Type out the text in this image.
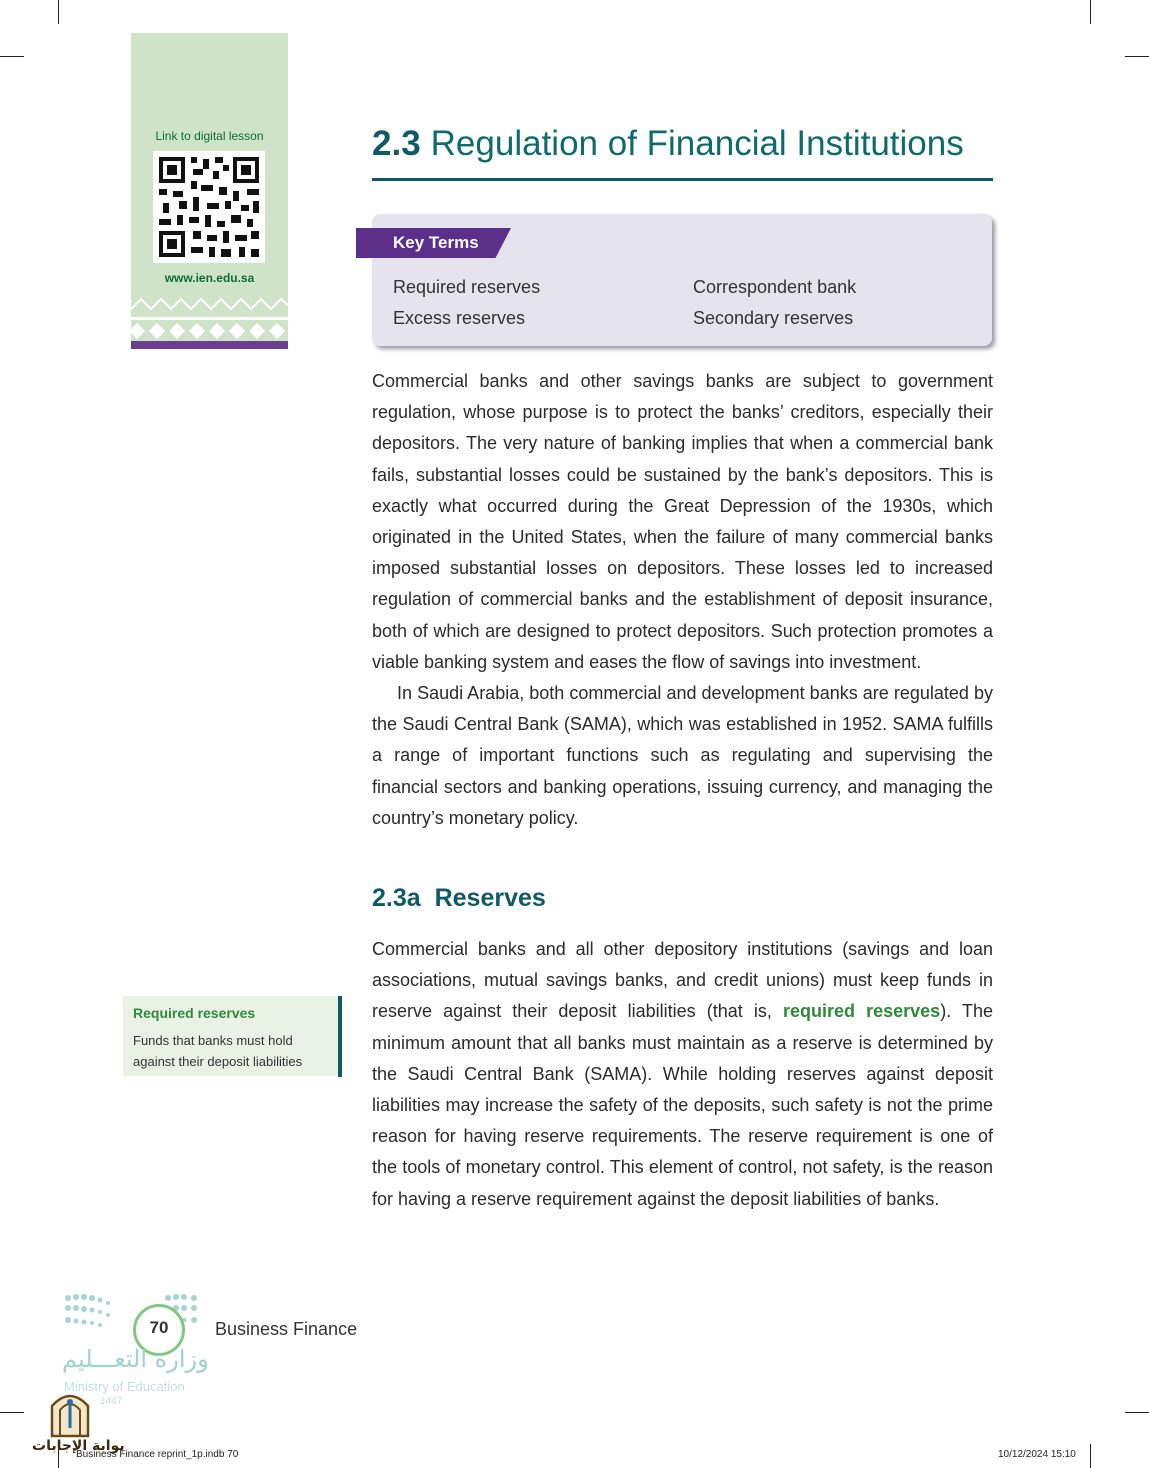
Link to digital lesson
www.ien.edu.sa
2.3 Regulation of Financial Institutions
Key Terms
Required reserves	Correspondent bank
Excess reserves	Secondary reserves

Commercial banks and other savings banks are subject to government regulation, whose purpose is to protect the banks’ creditors, especially their depositors. The very nature of banking implies that when a commercial bank fails, substantial losses could be sustained by the bank’s depositors. This is exactly what occurred during the Great Depression of the 1930s, which originated in the United States, when the failure of many commercial banks imposed substantial losses on depositors. These losses led to increased regulation of commercial banks and the establishment of deposit insurance, both of which are designed to protect depositors. Such protection promotes a viable banking system and eases the flow of savings into investment.

In Saudi Arabia, both commercial and development banks are regulated by the Saudi Central Bank (SAMA), which was established in 1952. SAMA fulfills a range of important functions such as regulating and supervising the financial sectors and banking operations, issuing currency, and managing the country’s monetary policy.

2.3a Reserves

Commercial banks and all other depository institutions (savings and loan associations, mutual savings banks, and credit unions) must keep funds in reserve against their deposit liabilities (that is, required reserves). The minimum amount that all banks must maintain as a reserve is determined by the Saudi Central Bank (SAMA). While holding reserves against deposit liabilities may increase the safety of the deposits, such safety is not the prime reason for having reserve requirements. The reserve requirement is one of the tools of monetary control. This element of control, not safety, is the reason for having a reserve requirement against the deposit liabilities of banks.

Required reserves
Funds that banks must hold against their deposit liabilities
70	Business Finance
وزارة التعـــليم
Ministry of Education
1447
بوابة الإجابات
Business Finance reprint_1p.indb 70	10/12/2024 15:10
